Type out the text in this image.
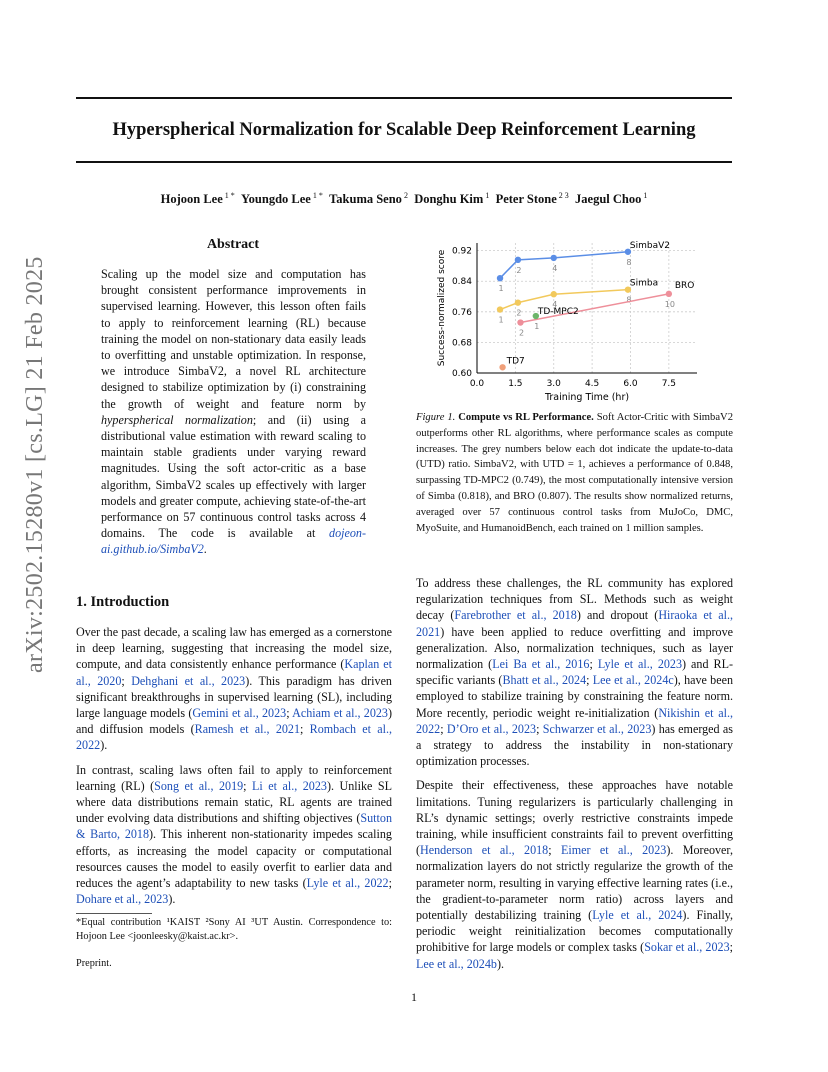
Hyperspherical Normalization for Scalable Deep Reinforcement Learning
Hojoon Lee $^{1 *}$ Youngdo Lee $^{1 *}$ Takuma Seno $^2$ Donghu Kim $^1$ Peter Stone $^{2 3}$ Jaegul Choo $^1$
arXiv:2502.15280v1 [cs.LG] 21 Feb 2025
Abstract
Scaling up the model size and computation has brought consistent performance improvements in supervised learning. However, this lesson often fails to apply to reinforcement learning (RL) because training the model on non-stationary data easily leads to overfitting and unstable optimization. In response, we introduce SimbaV2, a novel RL architecture designed to stabilize optimization by (i) constraining the growth of weight and feature norm by hyperspherical normalization; and (ii) using a distributional value estimation with reward scaling to maintain stable gradients under varying reward magnitudes. Using the soft actor-critic as a base algorithm, SimbaV2 scales up effectively with larger models and greater compute, achieving state-of-the-art performance on 57 continuous control tasks across 4 domains. The code is available at dojeon-ai.github.io/SimbaV2.
0.0	1.5	3.0	4.5	6.0	7.5
0.60
0.68
0.76
0.84
0.92
Training Time (hr)
Success-normalized score	1
2	4
8
SimbaV2
1
2
4
8
Simba
2
10
BRO
1
TD-MPC2
TD7
Figure 1. Compute vs RL Performance. Soft Actor-Critic with SimbaV2 outperforms other RL algorithms, where performance scales as compute increases. The grey numbers below each dot indicate the update-to-data (UTD) ratio. SimbaV2, with UTD = 1, achieves a performance of 0.848, surpassing TD-MPC2 (0.749), the most computationally intensive version of Simba (0.818), and BRO (0.807). The results show normalized returns, averaged over 57 continuous control tasks from MuJoCo, DMC, MyoSuite, and HumanoidBench, each trained on 1 million samples.
1. Introduction

Over the past decade, a scaling law has emerged as a cornerstone in deep learning, suggesting that increasing the model size, compute, and data consistently enhance performance (Kaplan et al., 2020; Dehghani et al., 2023). This paradigm has driven significant breakthroughs in supervised learning (SL), including large language models (Gemini et al., 2023; Achiam et al., 2023) and diffusion models (Ramesh et al., 2021; Rombach et al., 2022).

In contrast, scaling laws often fail to apply to reinforcement learning (RL) (Song et al., 2019; Li et al., 2023). Unlike SL where data distributions remain static, RL agents are trained under evolving data distributions and shifting objectives (Sutton & Barto, 2018). This inherent non-stationarity impedes scaling efforts, as increasing the model capacity or computational resources causes the model to easily overfit to earlier data and reduces the agent’s adaptability to new tasks (Lyle et al., 2022; Dohare et al., 2023).

*Equal contribution ¹KAIST ²Sony AI ³UT Austin. Correspondence to: Hojoon Lee <joonleesky@kaist.ac.kr>.
Preprint.

To address these challenges, the RL community has explored regularization techniques from SL. Methods such as weight decay (Farebrother et al., 2018) and dropout (Hiraoka et al., 2021) have been applied to reduce overfitting and improve generalization. Also, normalization techniques, such as layer normalization (Lei Ba et al., 2016; Lyle et al., 2023) and RL-specific variants (Bhatt et al., 2024; Lee et al., 2024c), have been employed to stabilize training by constraining the feature norm. More recently, periodic weight re-initialization (Nikishin et al., 2022; D’Oro et al., 2023; Schwarzer et al., 2023) has emerged as a strategy to address the instability in non-stationary optimization processes.

Despite their effectiveness, these approaches have notable limitations. Tuning regularizers is particularly challenging in RL’s dynamic settings; overly restrictive constraints impede training, while insufficient constraints fail to prevent overfitting (Henderson et al., 2018; Eimer et al., 2023). Moreover, normalization layers do not strictly regularize the growth of the parameter norm, resulting in varying effective learning rates (i.e., the gradient-to-parameter norm ratio) across layers and potentially destabilizing training (Lyle et al., 2024). Finally, periodic weight reinitialization becomes computationally prohibitive for large models or complex tasks (Sokar et al., 2023; Lee et al., 2024b).

1
